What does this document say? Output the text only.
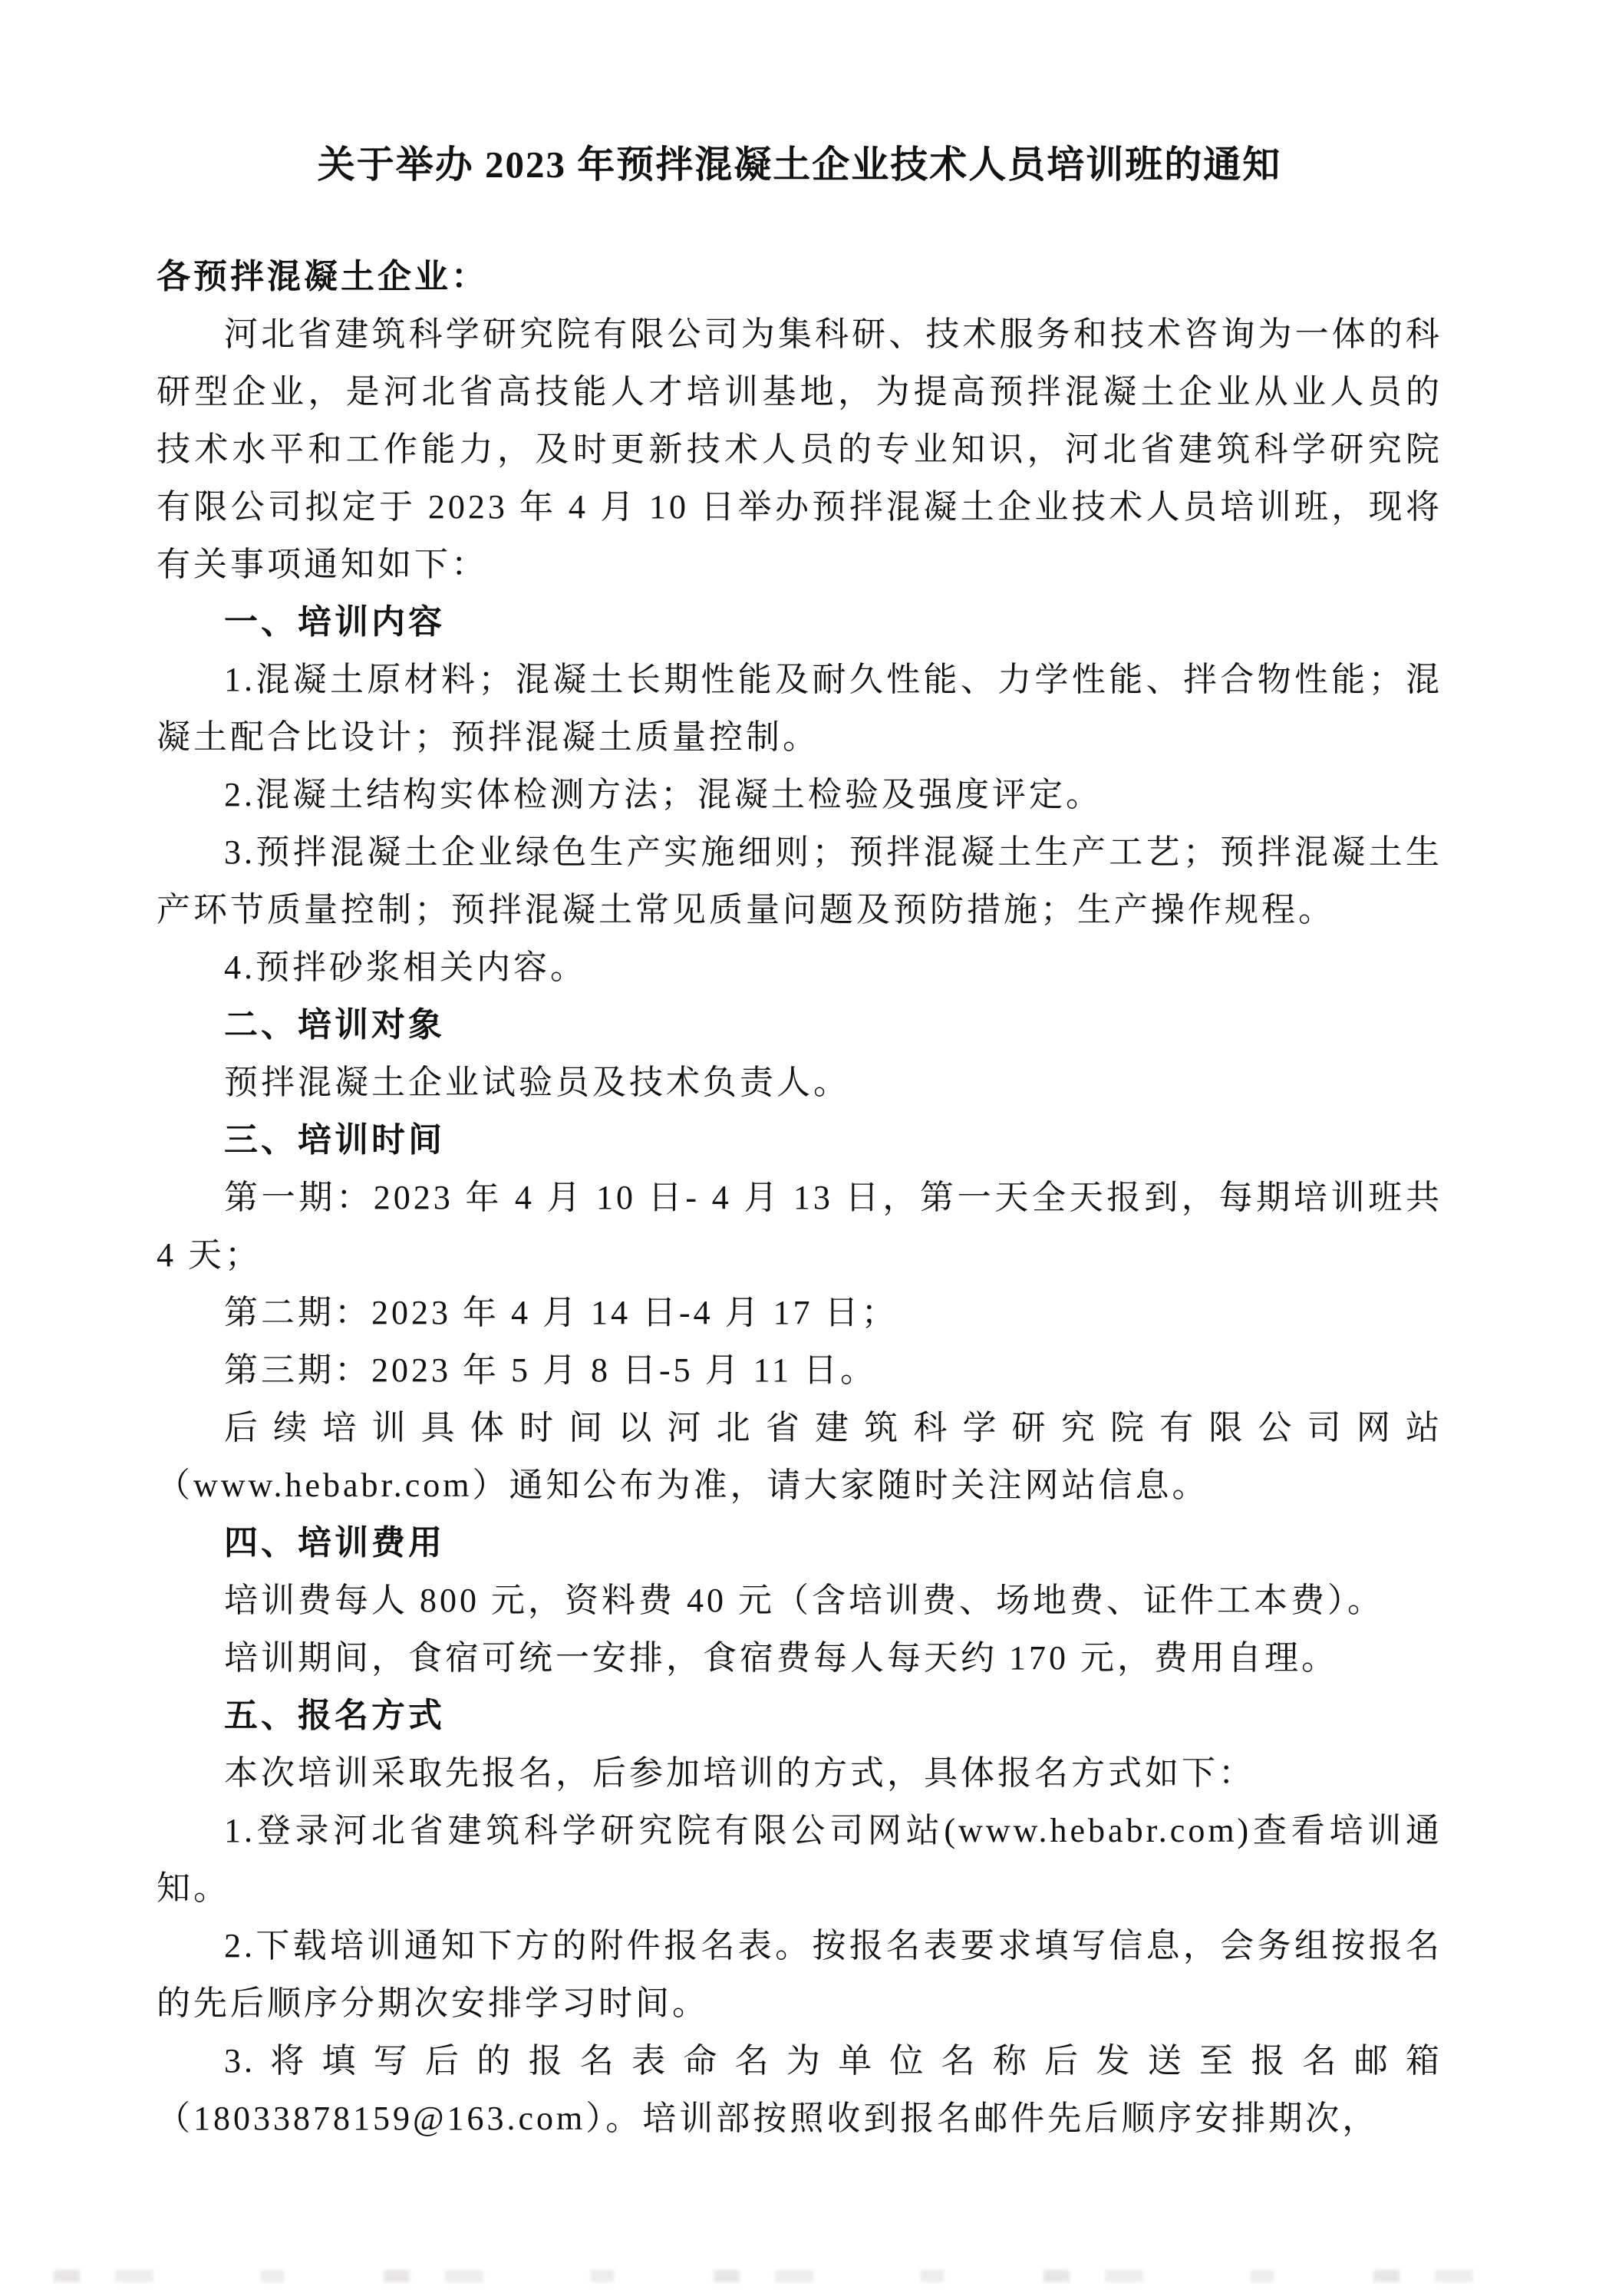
关于举办 2023 年预拌混凝土企业技术人员培训班的通知

各预拌混凝土企业：

河北省建筑科学研究院有限公司为集科研、技术服务和技术咨询为一体的科研型企业，是河北省高技能人才培训基地，为提高预拌混凝土企业从业人员的技术水平和工作能力，及时更新技术人员的专业知识，河北省建筑科学研究院有限公司拟定于 2023 年 4 月 10 日举办预拌混凝土企业技术人员培训班，现将有关事项通知如下：

一、培训内容

1.混凝土原材料；混凝土长期性能及耐久性能、力学性能、拌合物性能；混凝土配合比设计；预拌混凝土质量控制。

2.混凝土结构实体检测方法；混凝土检验及强度评定。

3.预拌混凝土企业绿色生产实施细则；预拌混凝土生产工艺；预拌混凝土生产环节质量控制；预拌混凝土常见质量问题及预防措施；生产操作规程。

4.预拌砂浆相关内容。

二、培训对象

预拌混凝土企业试验员及技术负责人。

三、培训时间

第一期：2023 年 4 月 10 日- 4 月 13 日，第一天全天报到，每期培训班共 4 天；

第二期：2023 年 4 月 14 日-4 月 17 日；

第三期：2023 年 5 月 8 日-5 月 11 日。

后续培训具体时间以河北省建筑科学研究院有限公司网站（www.hebabr.com）通知公布为准，请大家随时关注网站信息。

四、培训费用

培训费每人 800 元，资料费 40 元（含培训费、场地费、证件工本费）。

培训期间，食宿可统一安排，食宿费每人每天约 170 元，费用自理。

五、报名方式

本次培训采取先报名，后参加培训的方式，具体报名方式如下：

1.登录河北省建筑科学研究院有限公司网站(www.hebabr.com)查看培训通知。

2.下载培训通知下方的附件报名表。按报名表要求填写信息，会务组按报名的先后顺序分期次安排学习时间。

3.将填写后的报名表命名为单位名称后发送至报名邮箱（18033878159@163.com）。培训部按照收到报名邮件先后顺序安排期次，
